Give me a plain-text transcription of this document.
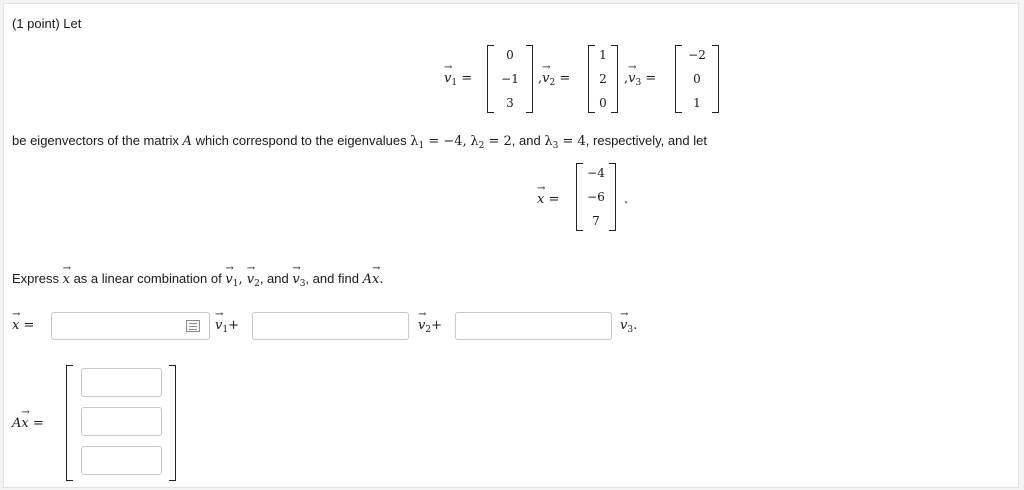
(1 point) Let
→ $v_1$ =
0
−1
3
,→ $v_2$ =
1
2
0
,→ $v_3$ =
−2
0
1
be eigenvectors of the matrix A which correspond to the eigenvalues $\lambda_1 = -4$, $\lambda_2 = 2$, and $\lambda_3 = 4$, respectively, and let
→ x =
−4
−6
7
.
Express → x as a linear combination of → $v_1$, → $v_2$, and → $v_3$, and find A→ x.
→ x =	→ $v_1+$	→ $v_2+$	→ $v_3$.
A→ x =
